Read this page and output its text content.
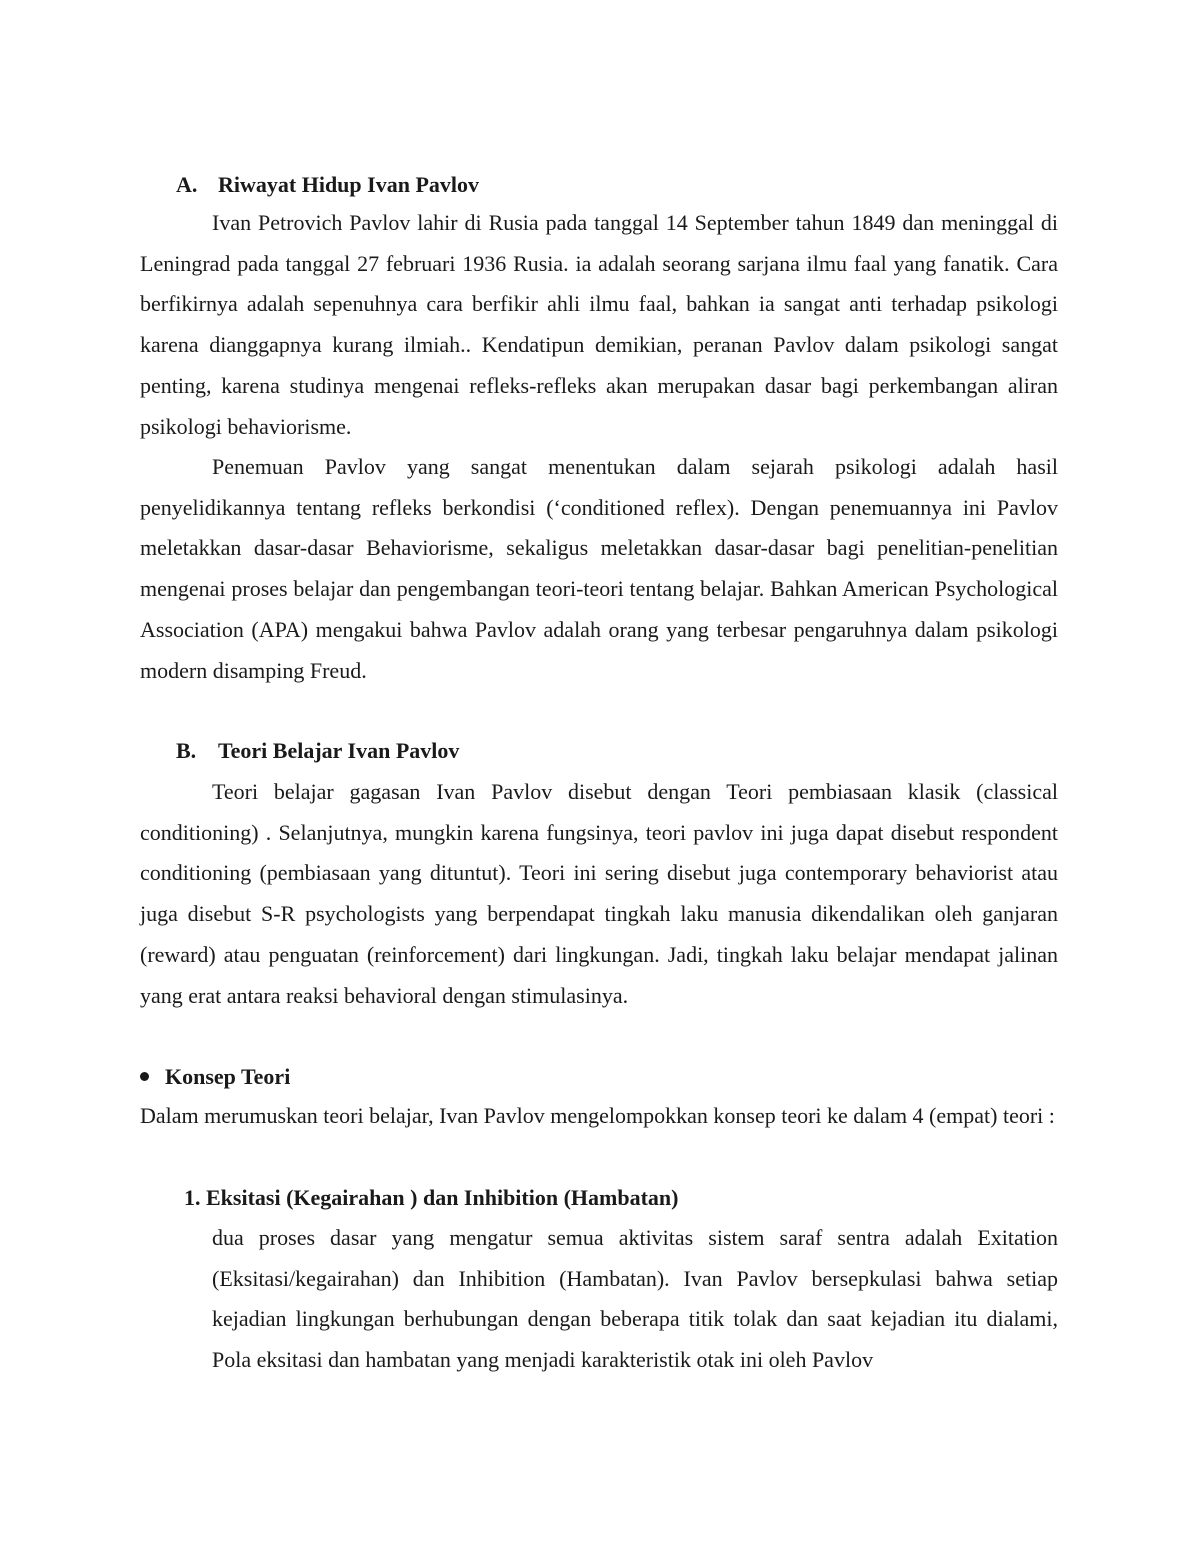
A. Riwayat Hidup Ivan Pavlov

Ivan Petrovich Pavlov lahir di Rusia pada tanggal 14 September tahun 1849 dan meninggal di Leningrad pada tanggal 27 februari 1936 Rusia. ia adalah seorang sarjana ilmu faal yang fanatik. Cara berfikirnya adalah sepenuhnya cara berfikir ahli ilmu faal, bahkan ia sangat anti terhadap psikologi karena dianggapnya kurang ilmiah.. Kendatipun demikian, peranan Pavlov dalam psikologi sangat penting, karena studinya mengenai refleks-refleks akan merupakan dasar bagi perkembangan aliran psikologi behaviorisme.

Penemuan Pavlov yang sangat menentukan dalam sejarah psikologi adalah hasil penyelidikannya tentang refleks berkondisi (‘conditioned reflex). Dengan penemuannya ini Pavlov meletakkan dasar-dasar Behaviorisme, sekaligus meletakkan dasar-dasar bagi penelitian-penelitian mengenai proses belajar dan pengembangan teori-teori tentang belajar. Bahkan American Psychological Association (APA) mengakui bahwa Pavlov adalah orang yang terbesar pengaruhnya dalam psikologi modern disamping Freud.

B. Teori Belajar Ivan Pavlov

Teori belajar gagasan Ivan Pavlov disebut dengan Teori pembiasaan klasik (classical conditioning) . Selanjutnya, mungkin karena fungsinya, teori pavlov ini juga dapat disebut respondent conditioning (pembiasaan yang dituntut). Teori ini sering disebut juga contemporary behaviorist atau juga disebut S-R psychologists yang berpendapat tingkah laku manusia dikendalikan oleh ganjaran (reward) atau penguatan (reinforcement) dari lingkungan. Jadi, tingkah laku belajar mendapat jalinan yang erat antara reaksi behavioral dengan stimulasinya.

Konsep Teori

Dalam merumuskan teori belajar, Ivan Pavlov mengelompokkan konsep teori ke dalam 4 (empat) teori :

1. Eksitasi (Kegairahan ) dan Inhibition (Hambatan)

dua proses dasar yang mengatur semua aktivitas sistem saraf sentra adalah Exitation (Eksitasi/kegairahan) dan Inhibition (Hambatan). Ivan Pavlov bersepkulasi bahwa setiap kejadian lingkungan berhubungan dengan beberapa titik tolak dan saat kejadian itu dialami, Pola eksitasi dan hambatan yang menjadi karakteristik otak ini oleh Pavlov
